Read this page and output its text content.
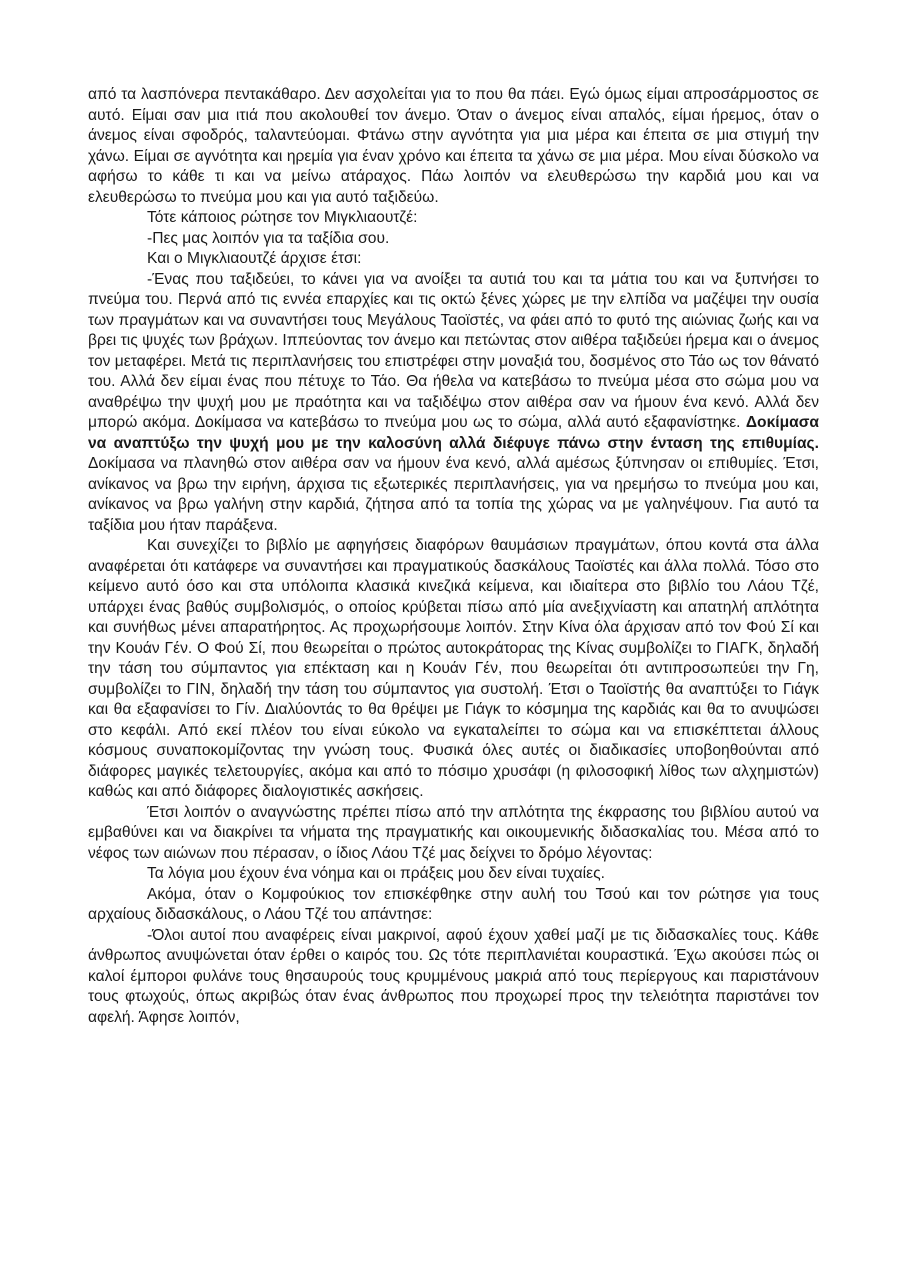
από τα λασπόνερα πεντακάθαρο. Δεν ασχολείται για το που θα πάει. Εγώ όμως είμαι απροσάρμοστος σε αυτό. Είμαι σαν μια ιτιά που ακολουθεί τον άνεμο. Όταν ο άνεμος είναι απαλός, είμαι ήρεμος, όταν ο άνεμος είναι σφοδρός, ταλαντεύομαι. Φτάνω στην αγνότητα για μια μέρα και έπειτα σε μια στιγμή την χάνω. Είμαι σε αγνότητα και ηρεμία για έναν χρόνο και έπειτα τα χάνω σε μια μέρα. Μου είναι δύσκολο να αφήσω το κάθε τι και να μείνω ατάραχος. Πάω λοιπόν να ελευθερώσω την καρδιά μου και να ελευθερώσω το πνεύμα μου και για αυτό ταξιδεύω.

Τότε κάποιος ρώτησε τον Μιγκλιαουτζέ:

-Πες μας λοιπόν για τα ταξίδια σου.

Και ο Μιγκλιαουτζέ άρχισε έτσι:

-Ένας που ταξιδεύει, το κάνει για να ανοίξει τα αυτιά του και τα μάτια του και να ξυπνήσει το πνεύμα του. Περνά από τις εννέα επαρχίες και τις οκτώ ξένες χώρες με την ελπίδα να μαζέψει την ουσία των πραγμάτων και να συναντήσει τους Μεγάλους Ταοϊστές, να φάει από το φυτό της αιώνιας ζωής και να βρει τις ψυχές των βράχων. Ιππεύοντας τον άνεμο και πετώντας στον αιθέρα ταξιδεύει ήρεμα και ο άνεμος τον μεταφέρει. Μετά τις περιπλανήσεις του επιστρέφει στην μοναξιά του, δοσμένος στο Τάο ως τον θάνατό του. Αλλά δεν είμαι ένας που πέτυχε το Τάο. Θα ήθελα να κατεβάσω το πνεύμα μέσα στο σώμα μου να αναθρέψω την ψυχή μου με πραότητα και να ταξιδέψω στον αιθέρα σαν να ήμουν ένα κενό. Αλλά δεν μπορώ ακόμα. Δοκίμασα να κατεβάσω το πνεύμα μου ως το σώμα, αλλά αυτό εξαφανίστηκε. Δοκίμασα να αναπτύξω την ψυχή μου με την καλοσύνη αλλά διέφυγε πάνω στην ένταση της επιθυμίας. Δοκίμασα να πλανηθώ στον αιθέρα σαν να ήμουν ένα κενό, αλλά αμέσως ξύπνησαν οι επιθυμίες. Έτσι, ανίκανος να βρω την ειρήνη, άρχισα τις εξωτερικές περιπλανήσεις, για να ηρεμήσω το πνεύμα μου και, ανίκανος να βρω γαλήνη στην καρδιά, ζήτησα από τα τοπία της χώρας να με γαληνέψουν. Για αυτό τα ταξίδια μου ήταν παράξενα.

Και συνεχίζει το βιβλίο με αφηγήσεις διαφόρων θαυμάσιων πραγμάτων, όπου κοντά στα άλλα αναφέρεται ότι κατάφερε να συναντήσει και πραγματικούς δασκάλους Ταοϊστές και άλλα πολλά. Τόσο στο κείμενο αυτό όσο και στα υπόλοιπα κλασικά κινεζικά κείμενα, και ιδιαίτερα στο βιβλίο του Λάου Τζέ, υπάρχει ένας βαθύς συμβολισμός, ο οποίος κρύβεται πίσω από μία ανεξιχνίαστη και απατηλή απλότητα και συνήθως μένει απαρατήρητος. Ας προχωρήσουμε λοιπόν. Στην Κίνα όλα άρχισαν από τον Φού Σί και την Κουάν Γέν. Ο Φού Σί, που θεωρείται ο πρώτος αυτοκράτορας της Κίνας συμβολίζει το ΓΙΑΓΚ, δηλαδή την τάση του σύμπαντος για επέκταση και η Κουάν Γέν, που θεωρείται ότι αντιπροσωπεύει την Γη, συμβολίζει το ΓΙΝ, δηλαδή την τάση του σύμπαντος για συστολή. Έτσι ο Ταοϊστής θα αναπτύξει το Γιάγκ και θα εξαφανίσει το Γίν. Διαλύοντάς το θα θρέψει με Γιάγκ το κόσμημα της καρδιάς και θα το ανυψώσει στο κεφάλι. Από εκεί πλέον του είναι εύκολο να εγκαταλείπει το σώμα και να επισκέπτεται άλλους κόσμους συναποκομίζοντας την γνώση τους. Φυσικά όλες αυτές οι διαδικασίες υποβοηθούνται από διάφορες μαγικές τελετουργίες, ακόμα και από το πόσιμο χρυσάφι (η φιλοσοφική λίθος των αλχημιστών) καθώς και από διάφορες διαλογιστικές ασκήσεις.

Έτσι λοιπόν ο αναγνώστης πρέπει πίσω από την απλότητα της έκφρασης του βιβλίου αυτού να εμβαθύνει και να διακρίνει τα νήματα της πραγματικής και οικουμενικής διδασκαλίας του. Μέσα από το νέφος των αιώνων που πέρασαν, ο ίδιος Λάου Τζέ μας δείχνει το δρόμο λέγοντας:

Τα λόγια μου έχουν ένα νόημα και οι πράξεις μου δεν είναι τυχαίες.

Ακόμα, όταν ο Κομφούκιος τον επισκέφθηκε στην αυλή του Τσού και τον ρώτησε για τους αρχαίους διδασκάλους, ο Λάου Τζέ του απάντησε:

-Όλοι αυτοί που αναφέρεις είναι μακρινοί, αφού έχουν χαθεί μαζί με τις διδασκαλίες τους. Κάθε άνθρωπος ανυψώνεται όταν έρθει ο καιρός του. Ως τότε περιπλανιέται κουραστικά. Έχω ακούσει πώς οι καλοί έμποροι φυλάνε τους θησαυρούς τους κρυμμένους μακριά από τους περίεργους και παριστάνουν τους φτωχούς, όπως ακριβώς όταν ένας άνθρωπος που προχωρεί προς την τελειότητα παριστάνει τον αφελή. Άφησε λοιπόν,
